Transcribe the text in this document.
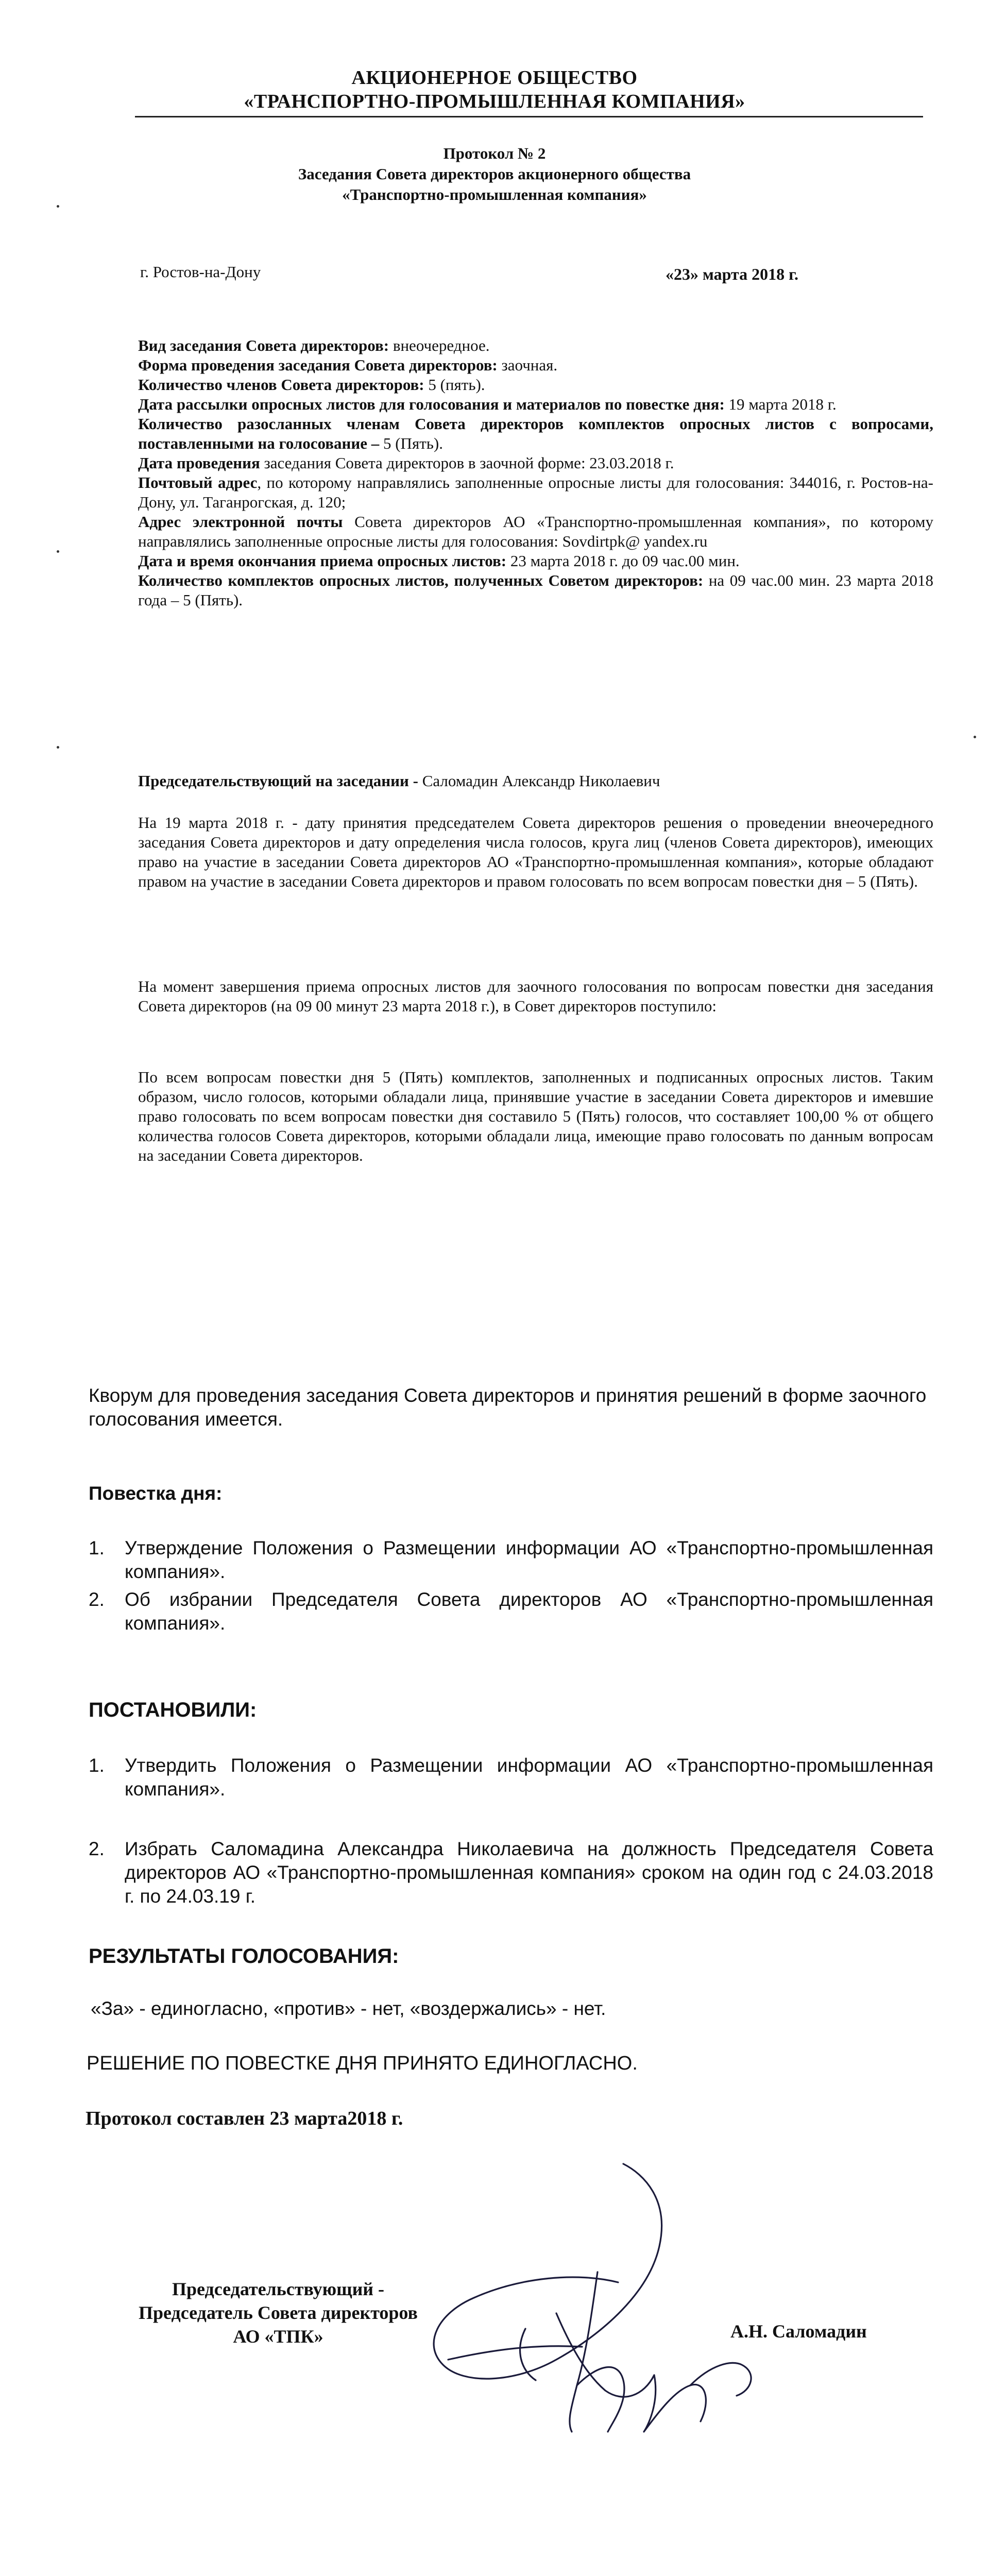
АКЦИОНЕРНОЕ ОБЩЕСТВО
«ТРАНСПОРТНО-ПРОМЫШЛЕННАЯ КОМПАНИЯ»
Протокол № 2
Заседания Совета директоров акционерного общества
«Транспортно-промышленная компания»
г. Ростов-на-Дону	«23» марта 2018 г.
Вид заседания Совета директоров: внеочередное.
Форма проведения заседания Совета директоров: заочная.
Количество членов Совета директоров: 5 (пять).
Дата рассылки опросных листов для голосования и материалов по повестке дня: 19 марта 2018 г.
Количество разосланных членам Совета директоров комплектов опросных листов с вопросами, поставленными на голосование – 5 (Пять).
Дата проведения заседания Совета директоров в заочной форме: 23.03.2018 г.
Почтовый адрес, по которому направлялись заполненные опросные листы для голосования: 344016, г. Ростов-на-Дону, ул. Таганрогская, д. 120;
Адрес электронной почты Совета директоров АО «Транспортно-промышленная компания», по которому направлялись заполненные опросные листы для голосования: Sovdirtpk@ yandex.ru
Дата и время окончания приема опросных листов: 23 марта 2018 г. до 09 час.00 мин.
Количество комплектов опросных листов, полученных Советом директоров: на 09 час.00 мин. 23 марта 2018 года – 5 (Пять).
Председательствующий на заседании - Саломадин Александр Николаевич
На 19 марта 2018 г. - дату принятия председателем Совета директоров решения о проведении внеочередного заседания Совета директоров и дату определения числа голосов, круга лиц (членов Совета директоров), имеющих право на участие в заседании Совета директоров АО «Транспортно-промышленная компания», которые обладают правом на участие в заседании Совета директоров и правом голосовать по всем вопросам повестки дня – 5 (Пять).
На момент завершения приема опросных листов для заочного голосования по вопросам повестки дня заседания Совета директоров (на 09 00 минут 23 марта 2018 г.), в Совет директоров поступило:
По всем вопросам повестки дня 5 (Пять) комплектов, заполненных и подписанных опросных листов. Таким образом, число голосов, которыми обладали лица, принявшие участие в заседании Совета директоров и имевшие право голосовать по всем вопросам повестки дня составило 5 (Пять) голосов, что составляет 100,00 % от общего количества голосов Совета директоров, которыми обладали лица, имеющие право голосовать по данным вопросам на заседании Совета директоров.
Кворум для проведения заседания Совета директоров и принятия решений в форме заочного голосования имеется.
Повестка дня:
1.	Утверждение Положения о Размещении информации АО «Транспортно-промышленная компания».
2.	Об избрании Председателя Совета директоров АО «Транспортно-промышленная компания».
ПОСТАНОВИЛИ:
1.	Утвердить Положения о Размещении информации АО «Транспортно-промышленная компания».
2.	Избрать Саломадина Александра Николаевича на должность Председателя Совета директоров АО «Транспортно-промышленная компания» сроком на один год с 24.03.2018 г. по 24.03.19 г.
РЕЗУЛЬТАТЫ ГОЛОСОВАНИЯ:
«За» - единогласно, «против» - нет, «воздержались» - нет.
РЕШЕНИЕ ПО ПОВЕСТКЕ ДНЯ ПРИНЯТО ЕДИНОГЛАСНО.
Протокол составлен 23 марта2018 г.
Председательствующий -
Председатель Совета директоров
АО «ТПК»	А.Н. Саломадин
